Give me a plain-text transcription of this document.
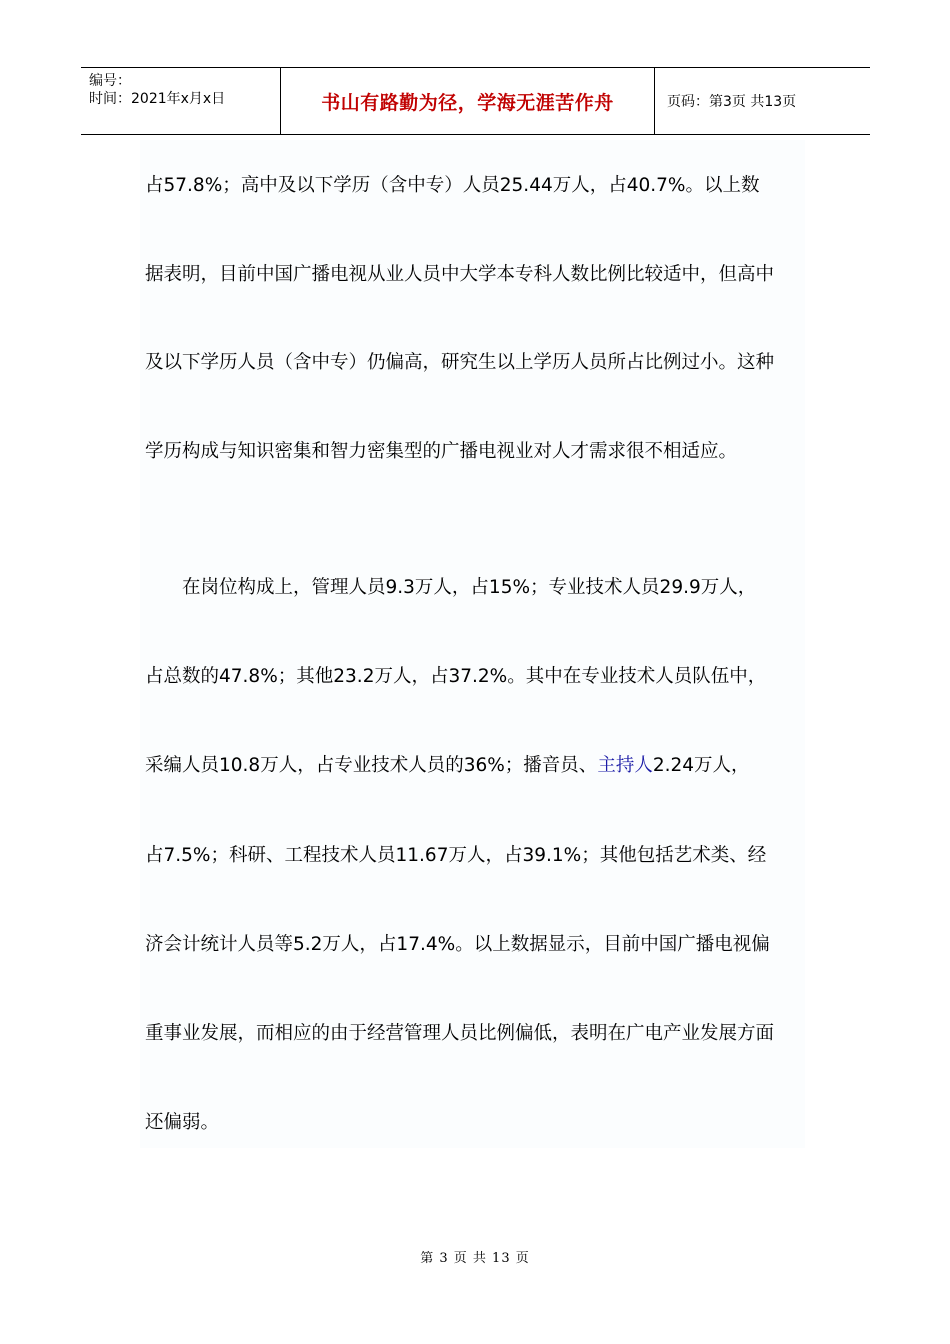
编号：
时间：2021年x月x日	书山有路勤为径，学海无涯苦作舟	页码：第3页 共13页
占57.8%；高中及以下学历（含中专）人员25.44万人，占40.7%。以上数
据表明，目前中国广播电视从业人员中大学本专科人数比例比较适中，但高中
及以下学历人员（含中专）仍偏高，研究生以上学历人员所占比例过小。这种
学历构成与知识密集和智力密集型的广播电视业对人才需求很不相适应。
在岗位构成上，管理人员9.3万人，占15%；专业技术人员29.9万人，
占总数的47.8%；其他23.2万人，占37.2%。其中在专业技术人员队伍中，
采编人员10.8万人，占专业技术人员的36%；播音员、主持人2.24万人，
占7.5%；科研、工程技术人员11.67万人，占39.1%；其他包括艺术类、经
济会计统计人员等5.2万人，占17.4%。以上数据显示，目前中国广播电视偏
重事业发展，而相应的由于经营管理人员比例偏低，表明在广电产业发展方面
还偏弱。
第 3 页 共 13 页
